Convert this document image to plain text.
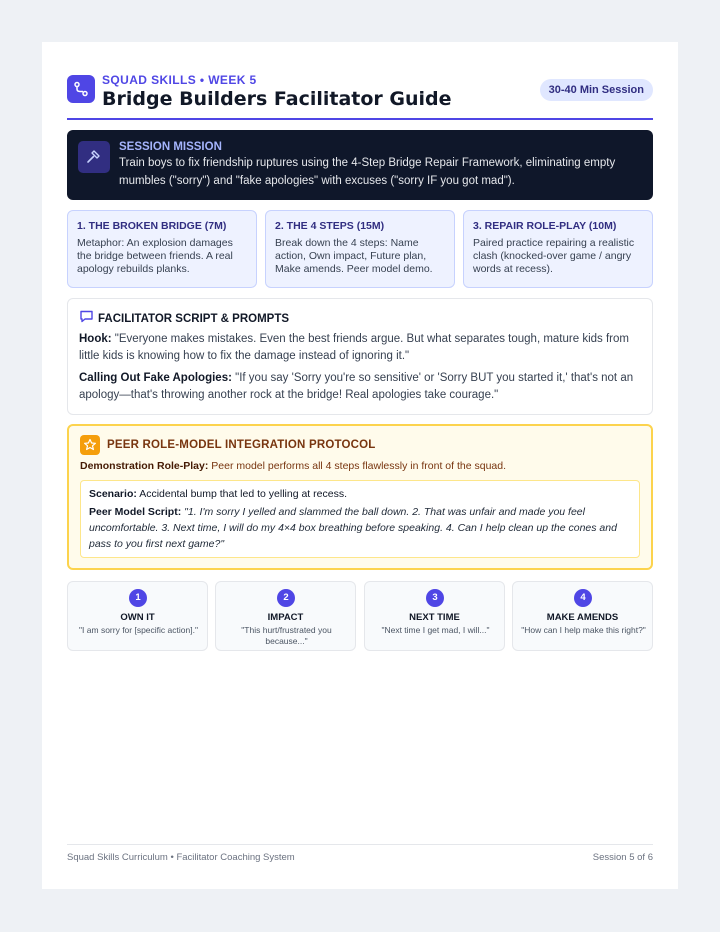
SQUAD SKILLS • WEEK 5
Bridge Builders Facilitator Guide	30-40 Min Session
SESSION MISSION
Train boys to fix friendship ruptures using the 4-Step Bridge Repair Framework, eliminating empty mumbles ("sorry") and "fake apologies" with excuses ("sorry IF you got mad").
1. THE BROKEN BRIDGE (7M)
Metaphor: An explosion damages the bridge between friends. A real apology rebuilds planks.
2. THE 4 STEPS (15M)
Break down the 4 steps: Name action, Own impact, Future plan, Make amends. Peer model demo.
3. REPAIR ROLE-PLAY (10M)
Paired practice repairing a realistic clash (knocked-over game / angry words at recess).
FACILITATOR SCRIPT & PROMPTS
Hook: "Everyone makes mistakes. Even the best friends argue. But what separates tough, mature kids from little kids is knowing how to fix the damage instead of ignoring it."
Calling Out Fake Apologies: "If you say 'Sorry you're so sensitive' or 'Sorry BUT you started it,' that's not an apology—that's throwing another rock at the bridge! Real apologies take courage."
PEER ROLE-MODEL INTEGRATION PROTOCOL
Demonstration Role-Play: Peer model performs all 4 steps flawlessly in front of the squad.
Scenario: Accidental bump that led to yelling at recess.
Peer Model Script: "1. I'm sorry I yelled and slammed the ball down. 2. That was unfair and made you feel uncomfortable. 3. Next time, I will do my 4×4 box breathing before speaking. 4. Can I help clean up the cones and pass to you first next game?"
1
OWN IT
"I am sorry for [specific action]."
2
IMPACT
"This hurt/frustrated you because..."
3
NEXT TIME
"Next time I get mad, I will..."
4
MAKE AMENDS
"How can I help make this right?"
Squad Skills Curriculum • Facilitator Coaching System	Session 5 of 6
